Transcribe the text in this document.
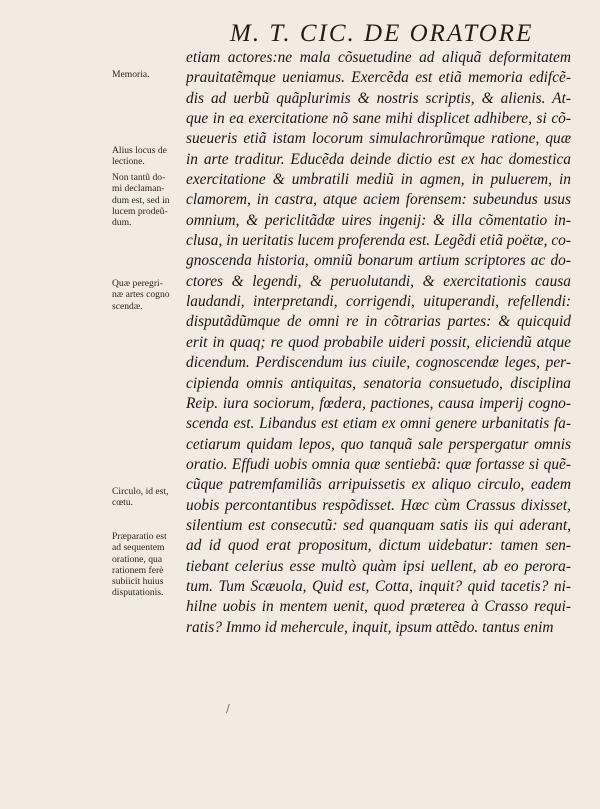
M. T. CIC. DE ORATORE
etiam actores:ne mala cõsuetudine ad aliquã deformitatem
prauitatẽmque ueniamus. Exercẽda est etiã memoria edifcẽ-
dis ad uerbũ quãplurimis & nostris scriptis, & alienis. At-
que in ea exercitatione nõ sane mihi displicet adhibere, si cõ-
sueueris etiã istam locorum simulachrorũmque ratione, quæ
in arte traditur. Educẽda deinde dictio est ex hac domestica
exercitatione & umbratili mediũ in agmen, in puluerem, in
clamorem, in castra, atque aciem forensem: subeundus usus
omnium, & periclitãdæ uires ingenij: & illa cõmentatio in-
clusa, in ueritatis lucem proferenda est. Legẽdi etiã poëtæ, co-
gnoscenda historia, omniũ bonarum artium scriptores ac do-
ctores & legendi, & peruolutandi, & exercitationis causa
laudandi, interpretandi, corrigendi, uituperandi, refellendi:
disputãdũmque de omni re in cõtrarias partes: & quicquid
erit in quaq; re quod probabile uideri possit, eliciendũ atque
dicendum. Perdiscendum ius ciuile, cognoscendæ leges, per-
cipienda omnis antiquitas, senatoria consuetudo, disciplina
Reip. iura sociorum, fœdera, pactiones, causa imperij cogno-
scenda est. Libandus est etiam ex omni genere urbanitatis fa-
cetiarum quidam lepos, quo tanquã sale perspergatur omnis
oratio. Effudi uobis omnia quæ sentiebã: quæ fortasse si quẽ-
cũque patremfamiliãs arripuissetis ex aliquo circulo, eadem
uobis percontantibus respõdisset. Hæc cùm Crassus dixisset,
silentium est consecutũ: sed quanquam satis iis qui aderant,
ad id quod erat propositum, dictum uidebatur: tamen sen-
tiebant celerius esse multò quàm ipsi uellent, ab eo perora-
tum. Tum Scæuola, Quid est, Cotta, inquit? quid tacetis? ni-
hilne uobis in mentem uenit, quod præterea à Crasso requi-
ratis? Immo id mehercule, inquit, ipsum attẽdo. tantus enim
Memoria.
Alius locus de
lectione.
Non tantũ do-
mi declaman-
dum est, sed in
lucem prodeũ-
dum.
Quæ peregri-
næ artes cogno
scendæ.
Circulo, id est,
cœtu.
Præparatio est
ad sequentem
oratione, qua
rationem ferè
subiicit huius
disputationis.
/
